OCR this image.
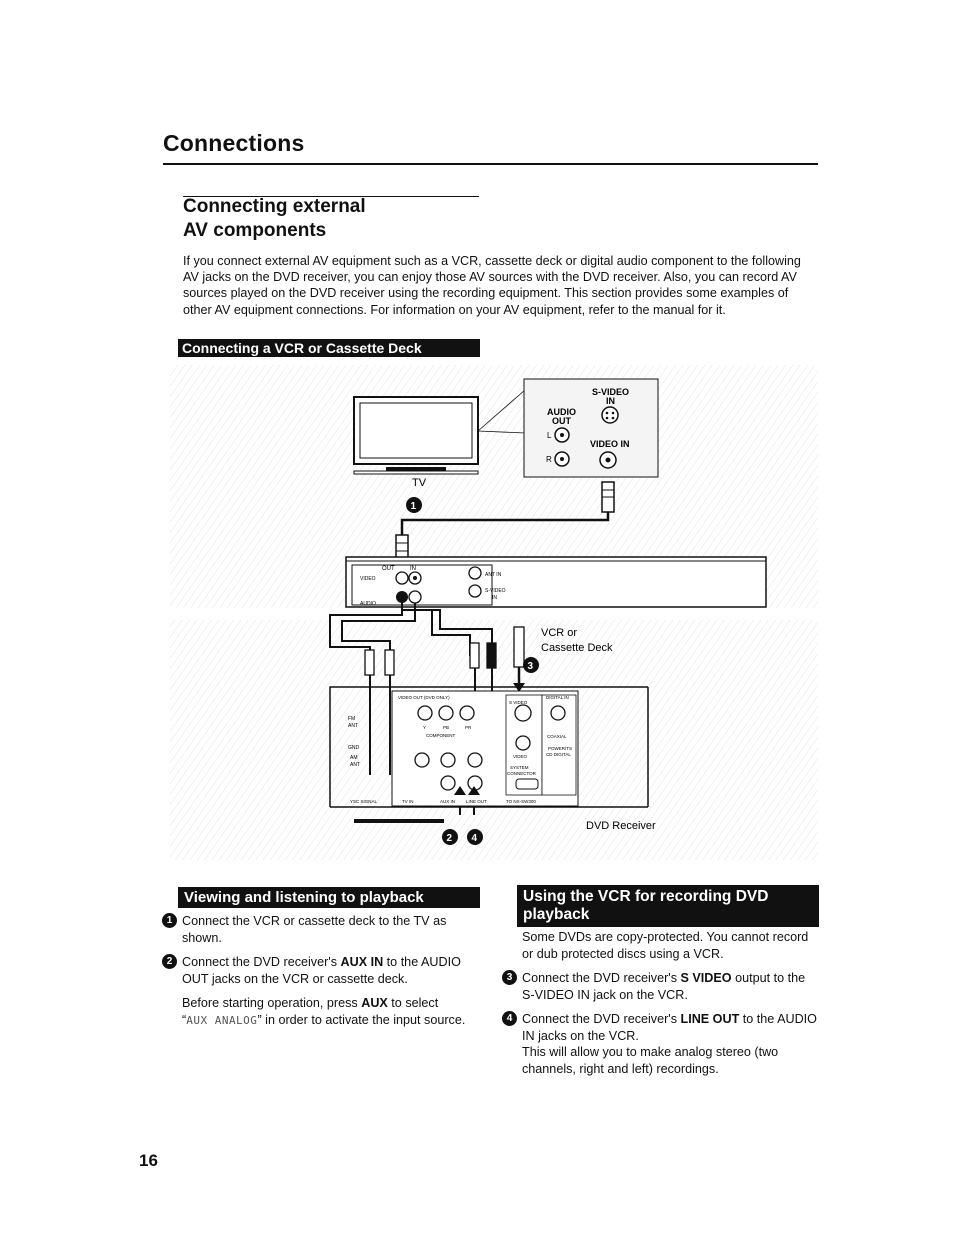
Connections
Connecting external
AV components
If you connect external AV equipment such as a VCR, cassette deck or digital audio component to the following AV jacks on the DVD receiver, you can enjoy those AV sources with the DVD receiver. Also, you can record AV sources played on the DVD receiver using the recording equipment. This section provides some examples of other AV equipment connections. For information on your AV equipment, refer to the manual for it.
Connecting a VCR or Cassette Deck
TV
S-VIDEO
IN
AUDIO
OUT
L
R
VIDEO IN
1
OUT	IN
VIDEO
AUDIO
ANT IN
S-VIDEO
IN
VCR or
Cassette Deck
3
VIDEO OUT (DVD ONLY)
S VIDEO
DIGITAL IN
Y	PB	PR
COMPONENT
VIDEO
COAXIAL
POWER/TS
CD DIGITAL
SYSTEM
CONNECTOR
TV IN	AUX IN LINE OUT	TO NX-SW300
FM
ANT
GND
AM
ANT
YSC SIGNAL
DVD Receiver
2 4
Viewing and listening to playback

1 Connect the VCR or cassette deck to the TV as shown.

2 Connect the DVD receiver's AUX IN to the AUDIO OUT jacks on the VCR or cassette deck.

Before starting operation, press AUX to select
“AUX ANALOG” in order to activate the input source.

Using the VCR for recording DVD playback

Some DVDs are copy-protected. You cannot record or dub protected discs using a VCR.

3 Connect the DVD receiver's S VIDEO output to the S-VIDEO IN jack on the VCR.

4 Connect the DVD receiver's LINE OUT to the AUDIO IN jacks on the VCR.

This will allow you to make analog stereo (two channels, right and left) recordings.

16
